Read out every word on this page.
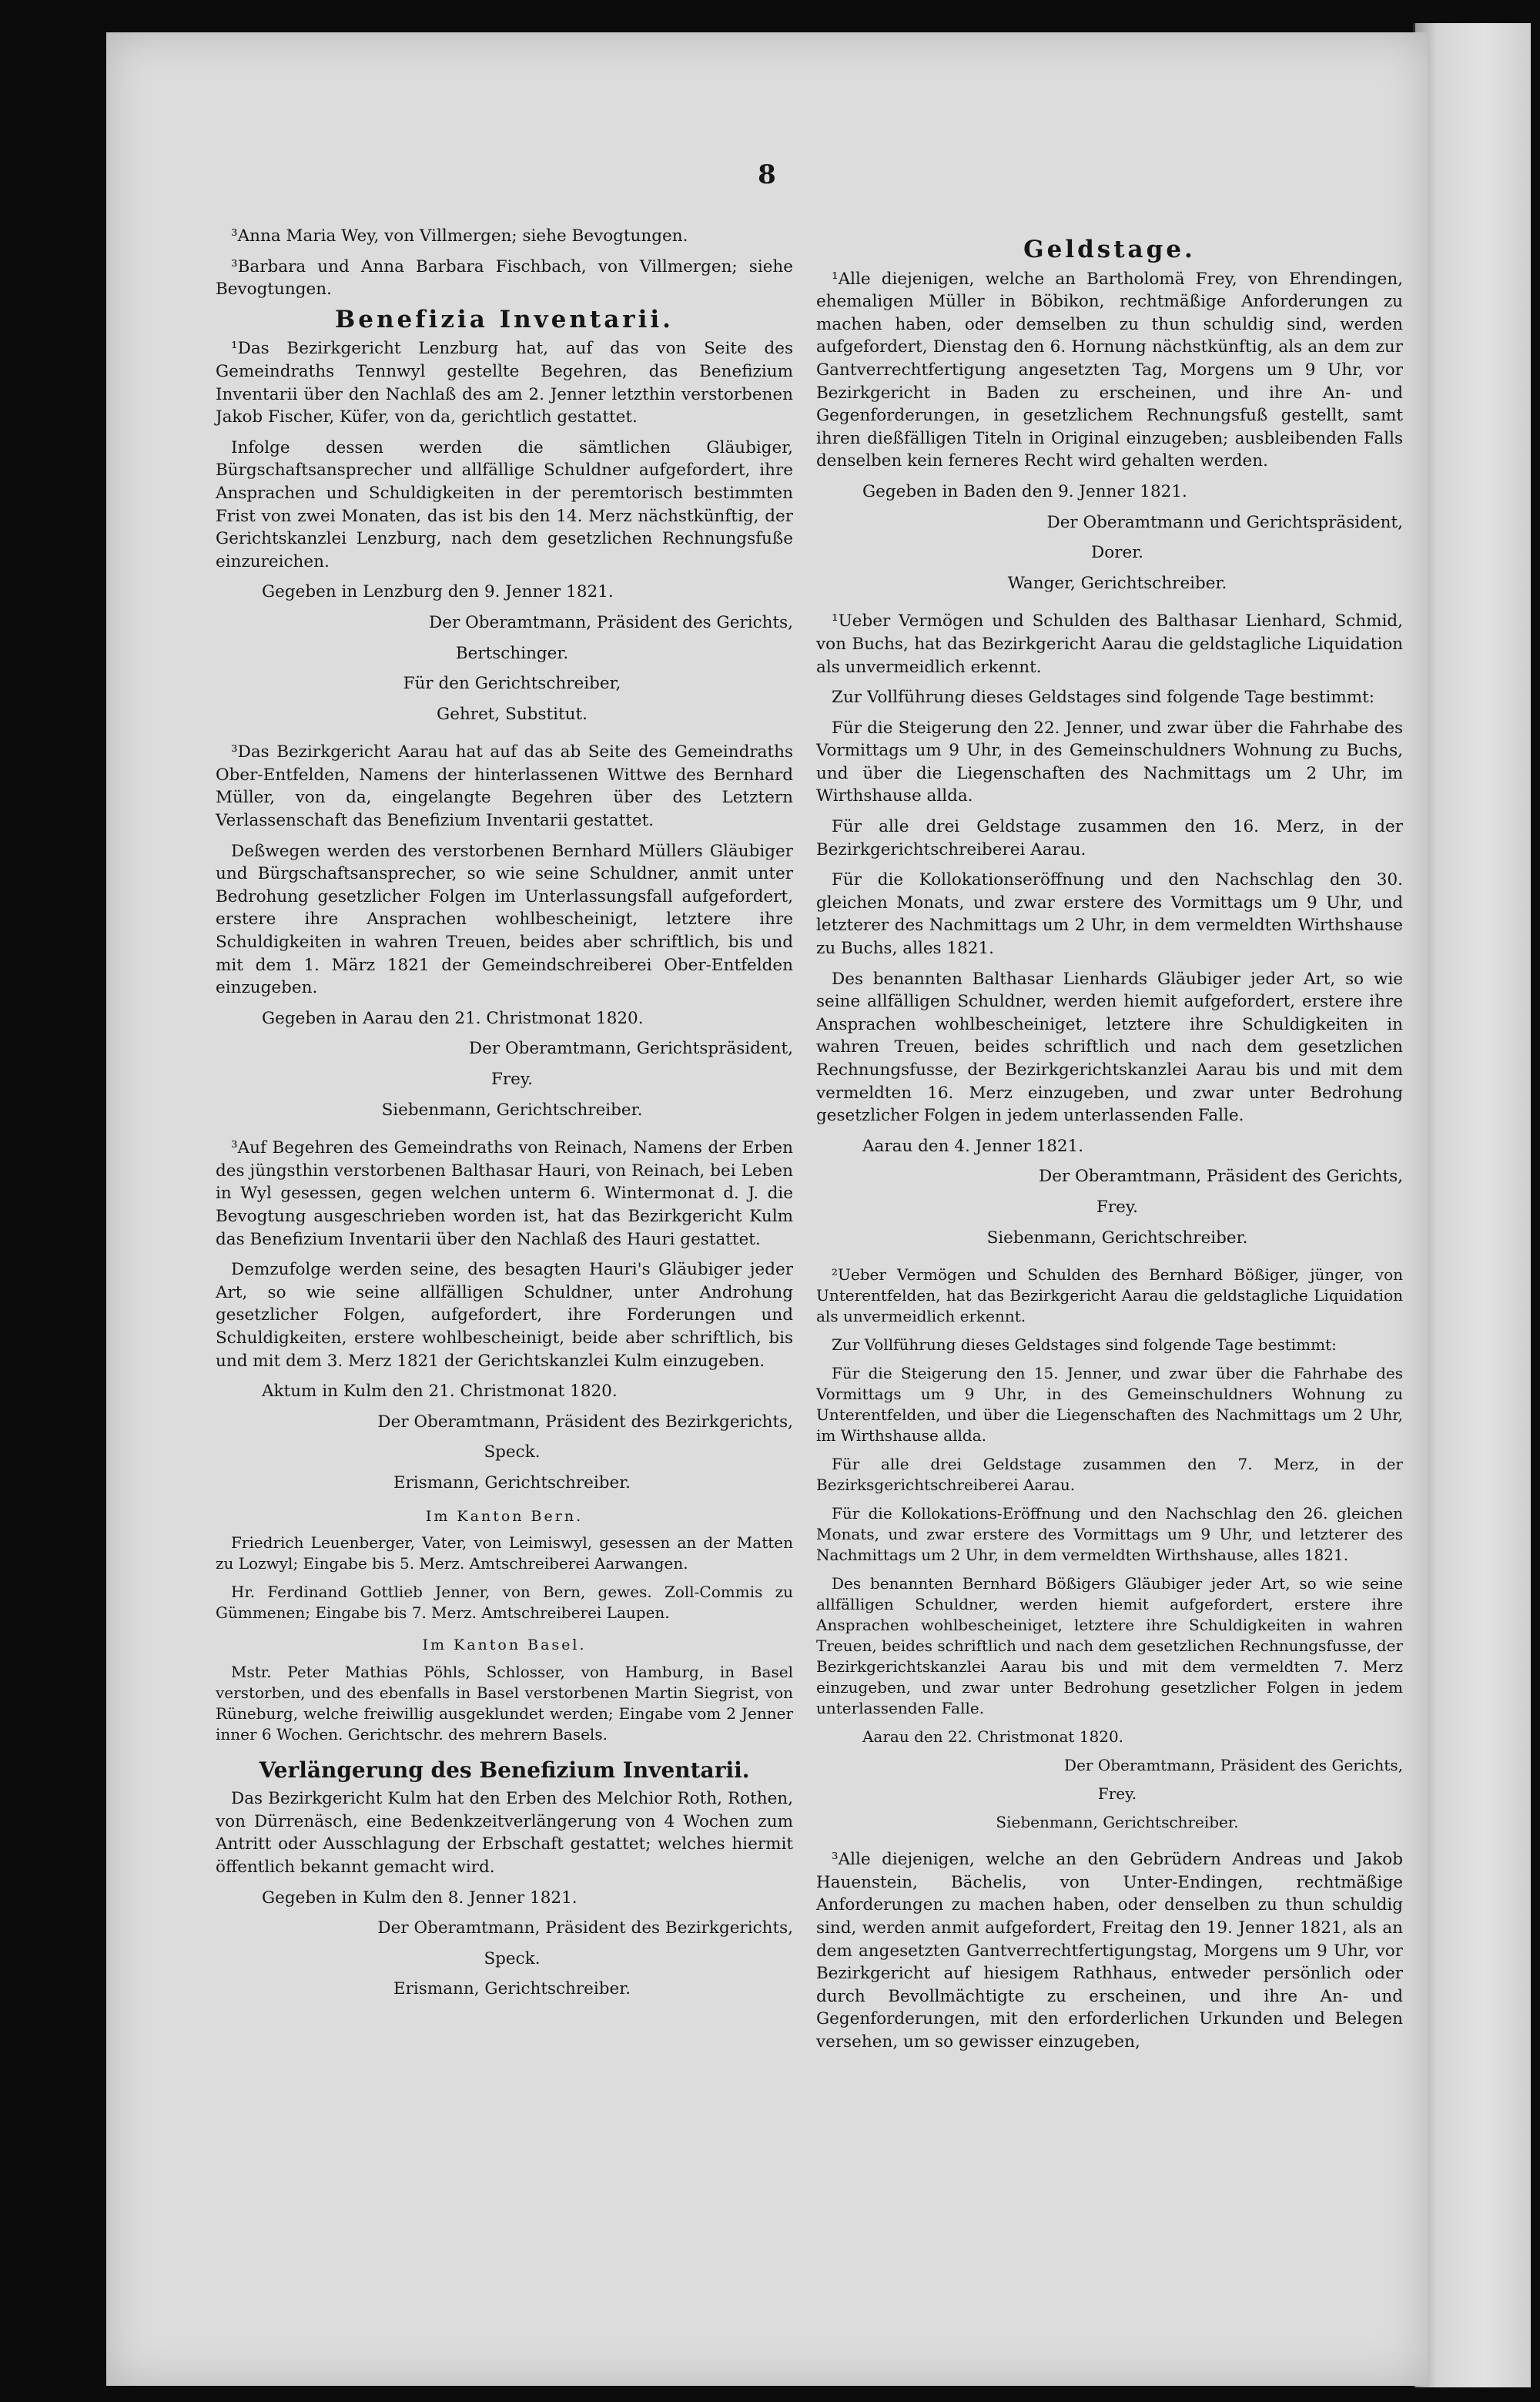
8

³Anna Maria Wey, von Villmergen; siehe Bevogtungen.

³Barbara und Anna Barbara Fischbach, von Villmergen; siehe Bevogtungen.

Benefizia Inventarii.

¹Das Bezirkgericht Lenzburg hat, auf das von Seite des Gemeindraths Tennwyl gestellte Begehren, das Benefizium Inventarii über den Nachlaß des am 2. Jenner letzthin verstorbenen Jakob Fischer, Küfer, von da, gerichtlich gestattet.

Infolge dessen werden die sämtlichen Gläubiger, Bürgschaftsansprecher und allfällige Schuldner aufgefordert, ihre Ansprachen und Schuldigkeiten in der peremtorisch bestimmten Frist von zwei Monaten, das ist bis den 14. Merz nächstkünftig, der Gerichtskanzlei Lenzburg, nach dem gesetzlichen Rechnungsfuße einzureichen.

Gegeben in Lenzburg den 9. Jenner 1821.

Der Oberamtmann, Präsident des Gerichts,

Bertschinger.

Für den Gerichtschreiber,

Gehret, Substitut.

³Das Bezirkgericht Aarau hat auf das ab Seite des Gemeindraths Ober-Entfelden, Namens der hinterlassenen Wittwe des Bernhard Müller, von da, eingelangte Begehren über des Letztern Verlassenschaft das Benefizium Inventarii gestattet.

Deßwegen werden des verstorbenen Bernhard Müllers Gläubiger und Bürgschaftsansprecher, so wie seine Schuldner, anmit unter Bedrohung gesetzlicher Folgen im Unterlassungsfall aufgefordert, erstere ihre Ansprachen wohlbescheinigt, letztere ihre Schuldigkeiten in wahren Treuen, beides aber schriftlich, bis und mit dem 1. März 1821 der Gemeindschreiberei Ober-Entfelden einzugeben.

Gegeben in Aarau den 21. Christmonat 1820.

Der Oberamtmann, Gerichtspräsident,

Frey.

Siebenmann, Gerichtschreiber.

³Auf Begehren des Gemeindraths von Reinach, Namens der Erben des jüngsthin verstorbenen Balthasar Hauri, von Reinach, bei Leben in Wyl gesessen, gegen welchen unterm 6. Wintermonat d. J. die Bevogtung ausgeschrieben worden ist, hat das Bezirkgericht Kulm das Benefizium Inventarii über den Nachlaß des Hauri gestattet.

Demzufolge werden seine, des besagten Hauri's Gläubiger jeder Art, so wie seine allfälligen Schuldner, unter Androhung gesetzlicher Folgen, aufgefordert, ihre Forderungen und Schuldigkeiten, erstere wohlbescheinigt, beide aber schriftlich, bis und mit dem 3. Merz 1821 der Gerichtskanzlei Kulm einzugeben.

Aktum in Kulm den 21. Christmonat 1820.

Der Oberamtmann, Präsident des Bezirkgerichts,

Speck.

Erismann, Gerichtschreiber.

Im Kanton Bern.

Friedrich Leuenberger, Vater, von Leimiswyl, gesessen an der Matten zu Lozwyl; Eingabe bis 5. Merz. Amtschreiberei Aarwangen.

Hr. Ferdinand Gottlieb Jenner, von Bern, gewes. Zoll-Commis zu Gümmenen; Eingabe bis 7. Merz. Amtschreiberei Laupen.

Im Kanton Basel.

Mstr. Peter Mathias Pöhls, Schlosser, von Hamburg, in Basel verstorben, und des ebenfalls in Basel verstorbenen Martin Siegrist, von Rüneburg, welche freiwillig ausgeklundet werden; Eingabe vom 2 Jenner inner 6 Wochen. Gerichtschr. des mehrern Basels.

Verlängerung des Benefizium Inventarii.

Das Bezirkgericht Kulm hat den Erben des Melchior Roth, Rothen, von Dürrenäsch, eine Bedenkzeitverlängerung von 4 Wochen zum Antritt oder Ausschlagung der Erbschaft gestattet; welches hiermit öffentlich bekannt gemacht wird.

Gegeben in Kulm den 8. Jenner 1821.

Der Oberamtmann, Präsident des Bezirkgerichts,

Speck.

Erismann, Gerichtschreiber.

Geldstage.

¹Alle diejenigen, welche an Bartholomä Frey, von Ehrendingen, ehemaligen Müller in Böbikon, rechtmäßige Anforderungen zu machen haben, oder demselben zu thun schuldig sind, werden aufgefordert, Dienstag den 6. Hornung nächstkünftig, als an dem zur Gantverrechtfertigung angesetzten Tag, Morgens um 9 Uhr, vor Bezirkgericht in Baden zu erscheinen, und ihre An- und Gegenforderungen, in gesetzlichem Rechnungsfuß gestellt, samt ihren dießfälligen Titeln in Original einzugeben; ausbleibenden Falls denselben kein ferneres Recht wird gehalten werden.

Gegeben in Baden den 9. Jenner 1821.

Der Oberamtmann und Gerichtspräsident,

Dorer.

Wanger, Gerichtschreiber.

¹Ueber Vermögen und Schulden des Balthasar Lienhard, Schmid, von Buchs, hat das Bezirkgericht Aarau die geldstagliche Liquidation als unvermeidlich erkennt.

Zur Vollführung dieses Geldstages sind folgende Tage bestimmt:

Für die Steigerung den 22. Jenner, und zwar über die Fahrhabe des Vormittags um 9 Uhr, in des Gemeinschuldners Wohnung zu Buchs, und über die Liegenschaften des Nachmittags um 2 Uhr, im Wirthshause allda.

Für alle drei Geldstage zusammen den 16. Merz, in der Bezirkgerichtschreiberei Aarau.

Für die Kollokationseröffnung und den Nachschlag den 30. gleichen Monats, und zwar erstere des Vormittags um 9 Uhr, und letzterer des Nachmittags um 2 Uhr, in dem vermeldten Wirthshause zu Buchs, alles 1821.

Des benannten Balthasar Lienhards Gläubiger jeder Art, so wie seine allfälligen Schuldner, werden hiemit aufgefordert, erstere ihre Ansprachen wohlbescheiniget, letztere ihre Schuldigkeiten in wahren Treuen, beides schriftlich und nach dem gesetzlichen Rechnungsfusse, der Bezirkgerichtskanzlei Aarau bis und mit dem vermeldten 16. Merz einzugeben, und zwar unter Bedrohung gesetzlicher Folgen in jedem unterlassenden Falle.

Aarau den 4. Jenner 1821.

Der Oberamtmann, Präsident des Gerichts,

Frey.

Siebenmann, Gerichtschreiber.

²Ueber Vermögen und Schulden des Bernhard Bößiger, jünger, von Unterentfelden, hat das Bezirkgericht Aarau die geldstagliche Liquidation als unvermeidlich erkennt.

Zur Vollführung dieses Geldstages sind folgende Tage bestimmt:

Für die Steigerung den 15. Jenner, und zwar über die Fahrhabe des Vormittags um 9 Uhr, in des Gemeinschuldners Wohnung zu Unterentfelden, und über die Liegenschaften des Nachmittags um 2 Uhr, im Wirthshause allda.

Für alle drei Geldstage zusammen den 7. Merz, in der Bezirksgerichtschreiberei Aarau.

Für die Kollokations-Eröffnung und den Nachschlag den 26. gleichen Monats, und zwar erstere des Vormittags um 9 Uhr, und letzterer des Nachmittags um 2 Uhr, in dem vermeldten Wirthshause, alles 1821.

Des benannten Bernhard Bößigers Gläubiger jeder Art, so wie seine allfälligen Schuldner, werden hiemit aufgefordert, erstere ihre Ansprachen wohlbescheiniget, letztere ihre Schuldigkeiten in wahren Treuen, beides schriftlich und nach dem gesetzlichen Rechnungsfusse, der Bezirkgerichtskanzlei Aarau bis und mit dem vermeldten 7. Merz einzugeben, und zwar unter Bedrohung gesetzlicher Folgen in jedem unterlassenden Falle.

Aarau den 22. Christmonat 1820.

Der Oberamtmann, Präsident des Gerichts,

Frey.

Siebenmann, Gerichtschreiber.

³Alle diejenigen, welche an den Gebrüdern Andreas und Jakob Hauenstein, Bächelis, von Unter-Endingen, rechtmäßige Anforderungen zu machen haben, oder denselben zu thun schuldig sind, werden anmit aufgefordert, Freitag den 19. Jenner 1821, als an dem angesetzten Gantverrechtfertigungstag, Morgens um 9 Uhr, vor Bezirkgericht auf hiesigem Rathhaus, entweder persönlich oder durch Bevollmächtigte zu erscheinen, und ihre An- und Gegenforderungen, mit den erforderlichen Urkunden und Belegen versehen, um so gewisser einzugeben,
